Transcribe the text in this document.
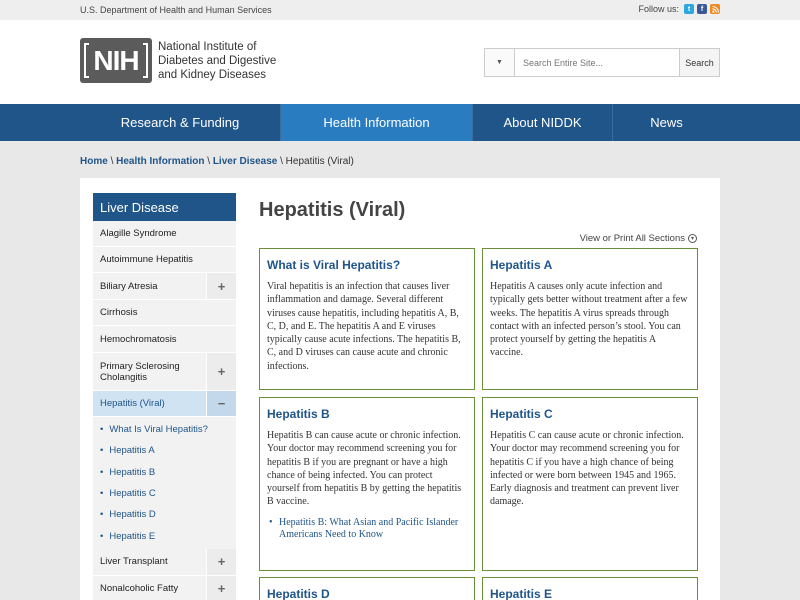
U.S. Department of Health and Human Services	Follow us:	t	f
NIH	National Institute of Diabetes and Digestive and Kidney Diseases
▼
Search Entire Site...	Search
Research & Funding	Health Information	About NIDDK	News
Home \ Health Information \ Liver Disease \ Hepatitis (Viral)
Liver Disease
Alagille Syndrome
Autoimmune Hepatitis
Biliary Atresia	+
Cirrhosis
Hemochromatosis
Primary Sclerosing Cholangitis	+
Hepatitis (Viral)	−
• What Is Viral Hepatitis?
• Hepatitis A
• Hepatitis B
• Hepatitis C
• Hepatitis D
• Hepatitis E
Liver Transplant	+
Nonalcoholic Fatty	+
Hepatitis (Viral)
View or Print All Sections ▾
What is Viral Hepatitis?

Viral hepatitis is an infection that causes liver inflammation and damage. Several different viruses cause hepatitis, including hepatitis A, B, C, D, and E. The hepatitis A and E viruses typically cause acute infections. The hepatitis B, C, and D viruses can cause acute and chronic infections.

Hepatitis A

Hepatitis A causes only acute infection and typically gets better without treatment after a few weeks. The hepatitis A virus spreads through contact with an infected person’s stool. You can protect yourself by getting the hepatitis A vaccine.

Hepatitis B

Hepatitis B can cause acute or chronic infection. Your doctor may recommend screening you for hepatitis B if you are pregnant or have a high chance of being infected. You can protect yourself from hepatitis B by getting the hepatitis B vaccine.

• Hepatitis B: What Asian and Pacific Islander Americans Need to Know
Hepatitis C

Hepatitis C can cause acute or chronic infection. Your doctor may recommend screening you for hepatitis C if you have a high chance of being infected or were born between 1945 and 1965. Early diagnosis and treatment can prevent liver damage.

Hepatitis D	Hepatitis E
